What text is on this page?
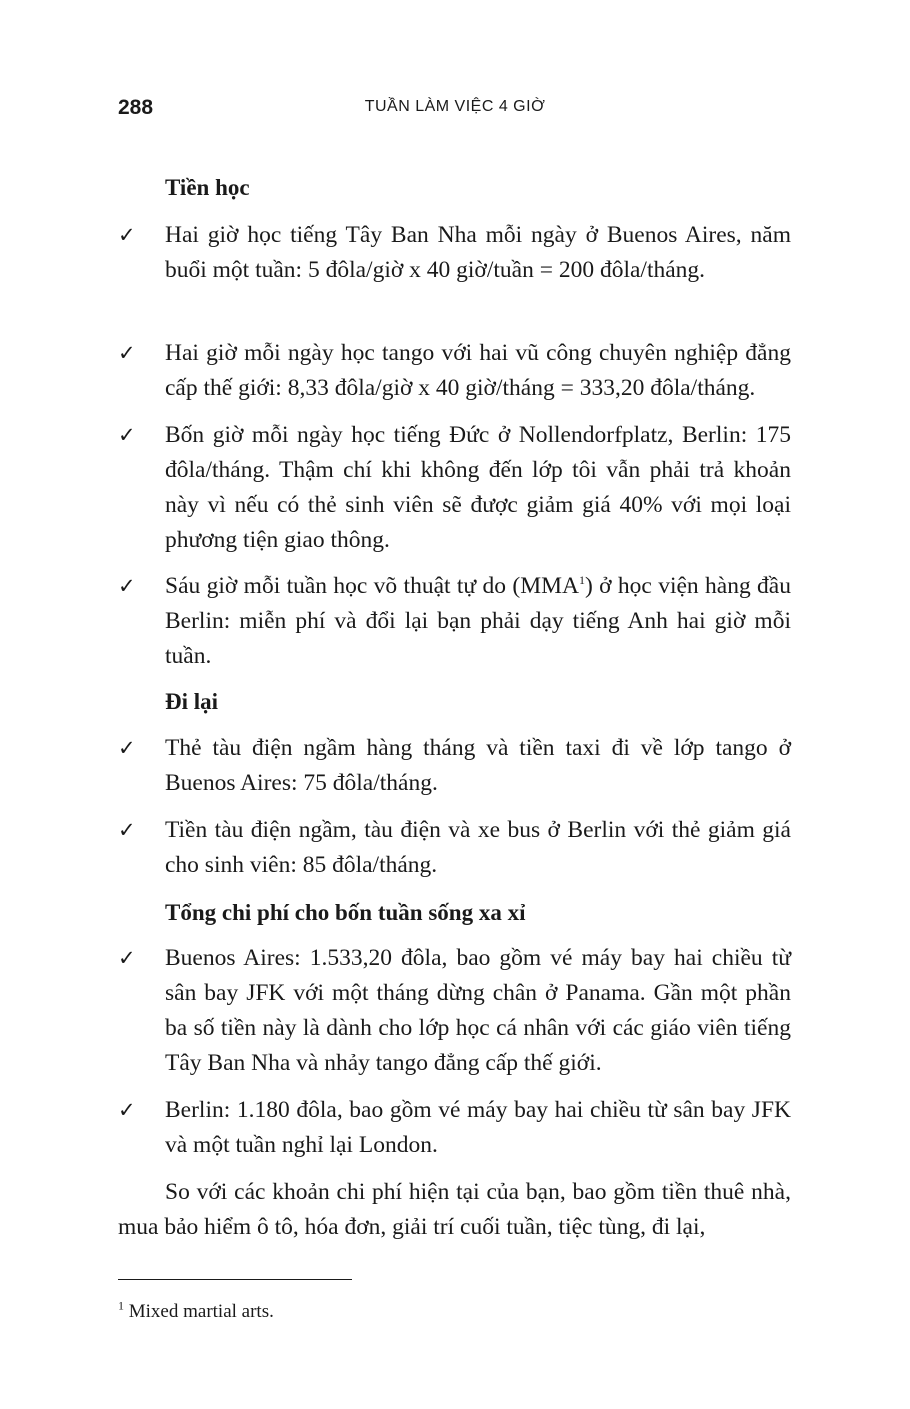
288	TUẦN LÀM VIỆC 4 GIỜ
Tiền học
✓ Hai giờ học tiếng Tây Ban Nha mỗi ngày ở Buenos Aires, năm buổi một tuần: 5 đôla/giờ x 40 giờ/tuần = 200 đôla/tháng.
✓ Hai giờ mỗi ngày học tango với hai vũ công chuyên nghiệp đẳng cấp thế giới: 8,33 đôla/giờ x 40 giờ/tháng = 333,20 đôla/tháng.
✓ Bốn giờ mỗi ngày học tiếng Đức ở Nollendorfplatz, Berlin: 175 đôla/tháng. Thậm chí khi không đến lớp tôi vẫn phải trả khoản này vì nếu có thẻ sinh viên sẽ được giảm giá 40% với mọi loại phương tiện giao thông.
✓ Sáu giờ mỗi tuần học võ thuật tự do (MMA$^1$) ở học viện hàng đầu Berlin: miễn phí và đổi lại bạn phải dạy tiếng Anh hai giờ mỗi tuần.
Đi lại
✓ Thẻ tàu điện ngầm hàng tháng và tiền taxi đi về lớp tango ở Buenos Aires: 75 đôla/tháng.
✓ Tiền tàu điện ngầm, tàu điện và xe bus ở Berlin với thẻ giảm giá cho sinh viên: 85 đôla/tháng.
Tổng chi phí cho bốn tuần sống xa xỉ
✓ Buenos Aires: 1.533,20 đôla, bao gồm vé máy bay hai chiều từ sân bay JFK với một tháng dừng chân ở Panama. Gần một phần ba số tiền này là dành cho lớp học cá nhân với các giáo viên tiếng Tây Ban Nha và nhảy tango đẳng cấp thế giới.
✓ Berlin: 1.180 đôla, bao gồm vé máy bay hai chiều từ sân bay JFK và một tuần nghỉ lại London.
So với các khoản chi phí hiện tại của bạn, bao gồm tiền thuê nhà, mua bảo hiểm ô tô, hóa đơn, giải trí cuối tuần, tiệc tùng, đi lại,
$^1$ Mixed martial arts.
